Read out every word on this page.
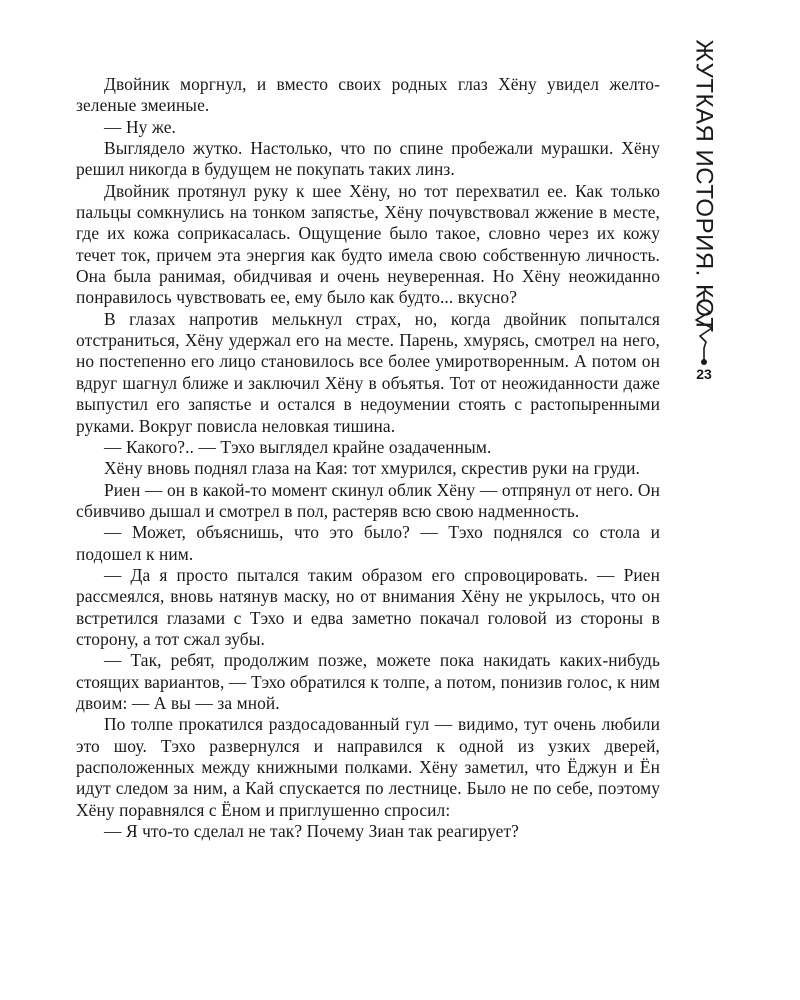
Двойник моргнул, и вместо своих родных глаз Хёну увидел желто-зеленые змеиные.

— Ну же.

Выглядело жутко. Настолько, что по спине пробежали мурашки. Хёну решил никогда в будущем не покупать таких линз.

Двойник протянул руку к шее Хёну, но тот перехватил ее. Как только пальцы сомкнулись на тонком запястье, Хёну почувствовал жжение в месте, где их кожа соприкасалась. Ощущение было такое, словно через их кожу течет ток, причем эта энергия как будто имела свою собственную личность. Она была ранимая, обидчивая и очень неуверенная. Но Хёну неожиданно понравилось чувствовать ее, ему было как будто... вкусно?

В глазах напротив мелькнул страх, но, когда двойник попытался отстраниться, Хёну удержал его на месте. Парень, хмурясь, смотрел на него, но постепенно его лицо становилось все более умиротворенным. А потом он вдруг шагнул ближе и заключил Хёну в объятья. Тот от неожиданности даже выпустил его запястье и остался в недоумении стоять с растопыренными руками. Вокруг повисла неловкая тишина.

— Какого?.. — Тэхо выглядел крайне озадаченным.

Хёну вновь поднял глаза на Кая: тот хмурился, скрестив руки на груди.

Риен — он в какой-то момент скинул облик Хёну — отпрянул от него. Он сбивчиво дышал и смотрел в пол, растеряв всю свою надменность.

— Может, объяснишь, что это было? — Тэхо поднялся со стола и подошел к ним.

— Да я просто пытался таким образом его спровоцировать. — Риен рассмеялся, вновь натянув маску, но от внимания Хёну не укрылось, что он встретился глазами с Тэхо и едва заметно покачал головой из стороны в сторону, а тот сжал зубы.

— Так, ребят, продолжим позже, можете пока накидать каких-нибудь стоящих вариантов, — Тэхо обратился к толпе, а потом, понизив голос, к ним двоим: — А вы — за мной.

По толпе прокатился раздосадованный гул — видимо, тут очень любили это шоу. Тэхо развернулся и направился к одной из узких дверей, расположенных между книжными полками. Хёну заметил, что Ёджун и Ён идут следом за ним, а Кай спускается по лестнице. Было не по себе, поэтому Хёну поравнялся с Ёном и приглушенно спросил:

— Я что-то сделал не так? Почему Зиан так реагирует?

ЖУТКАЯ ИСТОРИЯ. КОТ
23
